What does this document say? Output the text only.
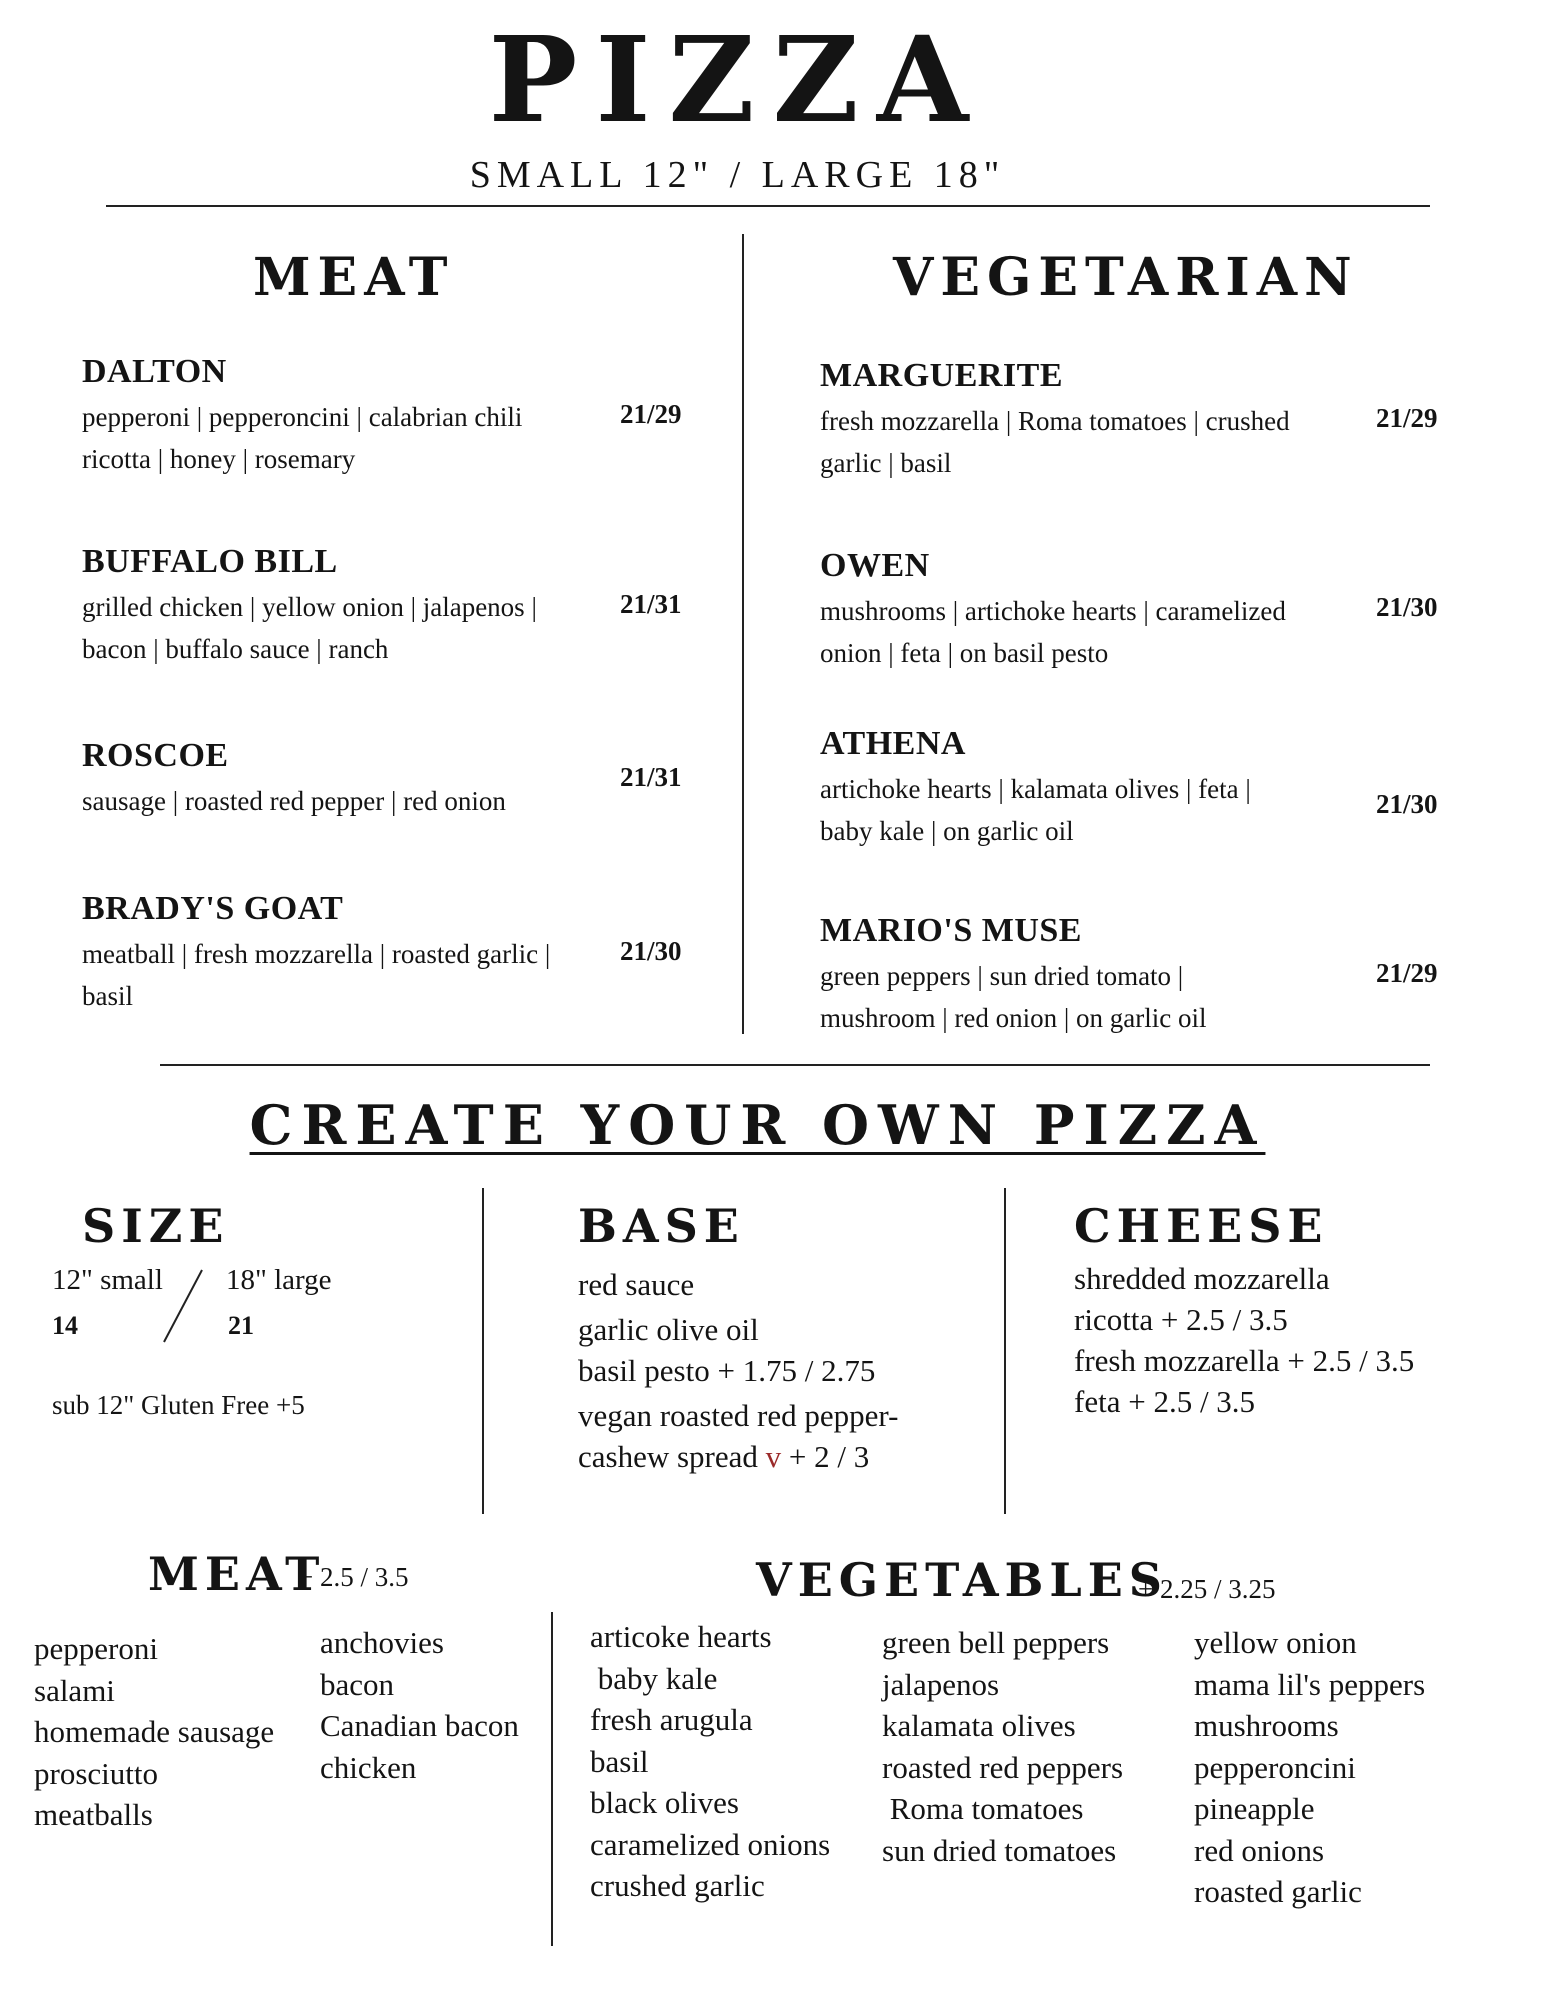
PIZZA
SMALL 12" / LARGE 18"
MEAT
DALTON
pepperoni | pepperoncini | calabrian chili
ricotta | honey | rosemary
21/29
BUFFALO BILL
grilled chicken | yellow onion | jalapenos |
bacon | buffalo sauce | ranch
21/31
ROSCOE
sausage | roasted red pepper | red onion
21/31
BRADY'S GOAT
meatball | fresh mozzarella | roasted garlic |
basil
21/30
VEGETARIAN
MARGUERITE
fresh mozzarella | Roma tomatoes | crushed
garlic | basil
21/29
OWEN
mushrooms | artichoke hearts | caramelized
onion | feta | on basil pesto
21/30
ATHENA
artichoke hearts | kalamata olives | feta |
baby kale | on garlic oil
21/30
MARIO'S MUSE
green peppers | sun dried tomato |
mushroom | red onion | on garlic oil
21/29
CREATE YOUR OWN PIZZA
SIZE
12" small
14
18" large
21
sub 12" Gluten Free +5
BASE
red sauce
garlic olive oil
basil pesto + 1.75 / 2.75
vegan roasted red pepper-
cashew spread v + 2 / 3
CHEESE
shredded mozzarella
ricotta + 2.5 / 3.5
fresh mozzarella + 2.5 / 3.5
feta + 2.5 / 3.5
MEAT
+ 2.5 / 3.5
pepperoni
salami
homemade sausage
prosciutto
meatballs
anchovies
bacon
Canadian bacon
chicken
VEGETABLES
+ 2.25 / 3.25
articoke hearts
baby kale
fresh arugula
basil
black olives
caramelized onions
crushed garlic
green bell peppers
jalapenos
kalamata olives
roasted red peppers
Roma tomatoes
sun dried tomatoes
yellow onion
mama lil's peppers
mushrooms
pepperoncini
pineapple
red onions
roasted garlic
